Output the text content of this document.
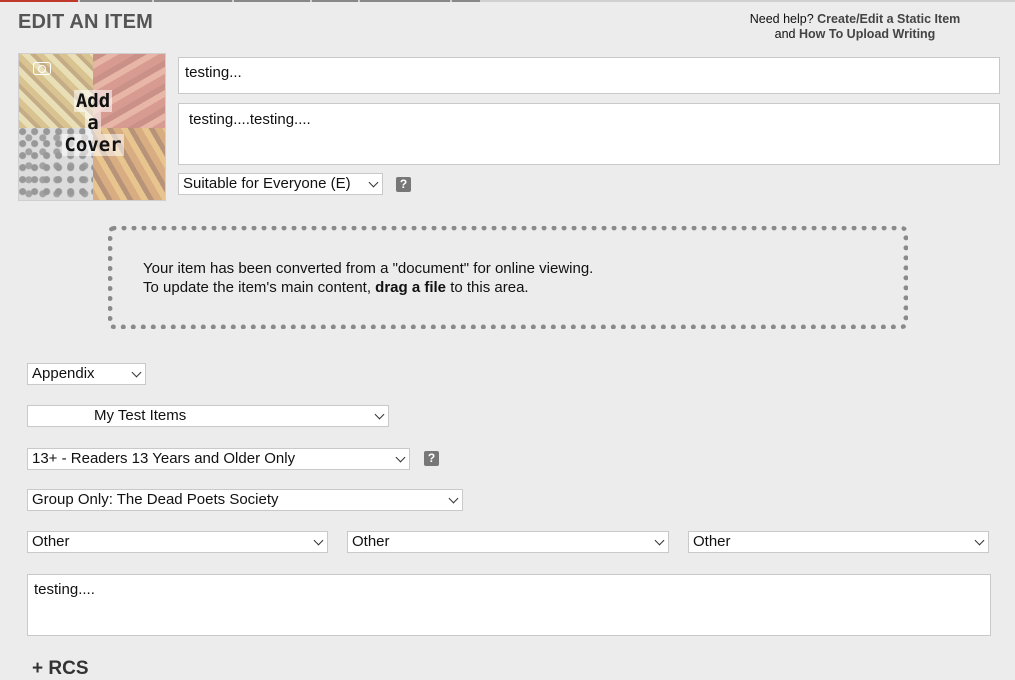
EDIT AN ITEM	Need help? Create/Edit a Static Item
and How To Upload Writing
Add
a
Cover
testing...
testing....testing....
Suitable for Everyone (E)	?
Your item has been converted from a "document" for online viewing.
To update the item's main content, drag a file to this area.
Appendix
My Test Items
13+ - Readers 13 Years and Older Only	?
Group Only: The Dead Poets Society
Other	Other	Other
testing....
+ RCS
